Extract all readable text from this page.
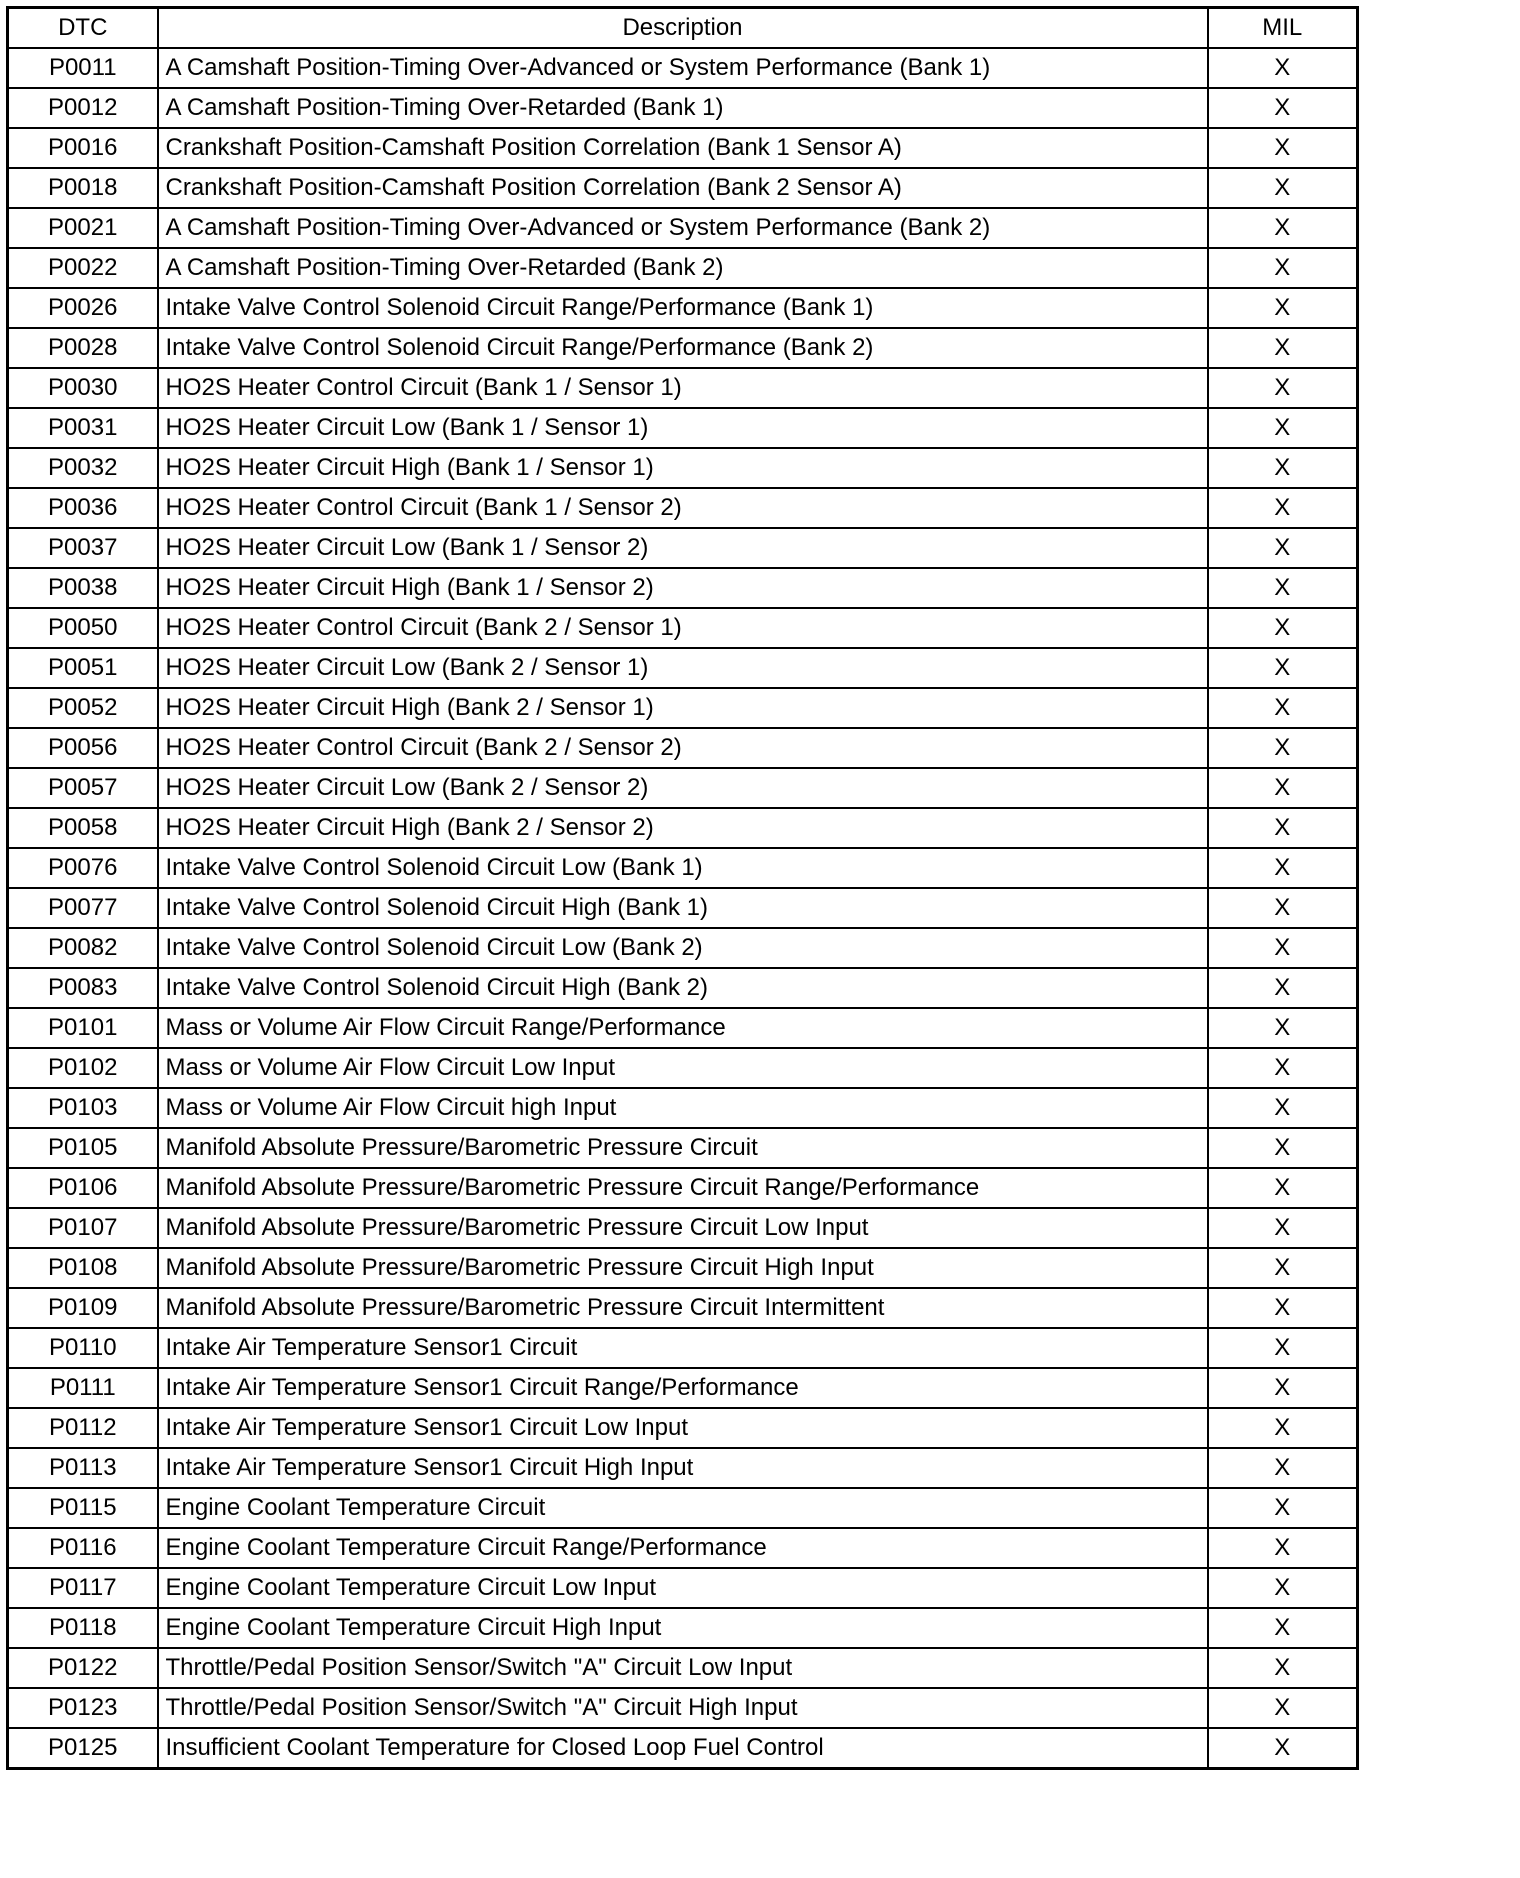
DTC	Description	MIL
P0011	A Camshaft Position-Timing Over-Advanced or System Performance (Bank 1)	X
P0012	A Camshaft Position-Timing Over-Retarded (Bank 1)	X
P0016	Crankshaft Position-Camshaft Position Correlation (Bank 1 Sensor A)	X
P0018	Crankshaft Position-Camshaft Position Correlation (Bank 2 Sensor A)	X
P0021	A Camshaft Position-Timing Over-Advanced or System Performance (Bank 2)	X
P0022	A Camshaft Position-Timing Over-Retarded (Bank 2)	X
P0026	Intake Valve Control Solenoid Circuit Range/Performance (Bank 1)	X
P0028	Intake Valve Control Solenoid Circuit Range/Performance (Bank 2)	X
P0030	HO2S Heater Control Circuit (Bank 1 / Sensor 1)	X
P0031	HO2S Heater Circuit Low (Bank 1 / Sensor 1)	X
P0032	HO2S Heater Circuit High (Bank 1 / Sensor 1)	X
P0036	HO2S Heater Control Circuit (Bank 1 / Sensor 2)	X
P0037	HO2S Heater Circuit Low (Bank 1 / Sensor 2)	X
P0038	HO2S Heater Circuit High (Bank 1 / Sensor 2)	X
P0050	HO2S Heater Control Circuit (Bank 2 / Sensor 1)	X
P0051	HO2S Heater Circuit Low (Bank 2 / Sensor 1)	X
P0052	HO2S Heater Circuit High (Bank 2 / Sensor 1)	X
P0056	HO2S Heater Control Circuit (Bank 2 / Sensor 2)	X
P0057	HO2S Heater Circuit Low (Bank 2 / Sensor 2)	X
P0058	HO2S Heater Circuit High (Bank 2 / Sensor 2)	X
P0076	Intake Valve Control Solenoid Circuit Low (Bank 1)	X
P0077	Intake Valve Control Solenoid Circuit High (Bank 1)	X
P0082	Intake Valve Control Solenoid Circuit Low (Bank 2)	X
P0083	Intake Valve Control Solenoid Circuit High (Bank 2)	X
P0101	Mass or Volume Air Flow Circuit Range/Performance	X
P0102	Mass or Volume Air Flow Circuit Low Input	X
P0103	Mass or Volume Air Flow Circuit high Input	X
P0105	Manifold Absolute Pressure/Barometric Pressure Circuit	X
P0106	Manifold Absolute Pressure/Barometric Pressure Circuit Range/Performance	X
P0107	Manifold Absolute Pressure/Barometric Pressure Circuit Low Input	X
P0108	Manifold Absolute Pressure/Barometric Pressure Circuit High Input	X
P0109	Manifold Absolute Pressure/Barometric Pressure Circuit Intermittent	X
P0110	Intake Air Temperature Sensor1 Circuit	X
P0111	Intake Air Temperature Sensor1 Circuit Range/Performance	X
P0112	Intake Air Temperature Sensor1 Circuit Low Input	X
P0113	Intake Air Temperature Sensor1 Circuit High Input	X
P0115	Engine Coolant Temperature Circuit	X
P0116	Engine Coolant Temperature Circuit Range/Performance	X
P0117	Engine Coolant Temperature Circuit Low Input	X
P0118	Engine Coolant Temperature Circuit High Input	X
P0122	Throttle/Pedal Position Sensor/Switch "A" Circuit Low Input	X
P0123	Throttle/Pedal Position Sensor/Switch "A" Circuit High Input	X
P0125	Insufficient Coolant Temperature for Closed Loop Fuel Control	X
